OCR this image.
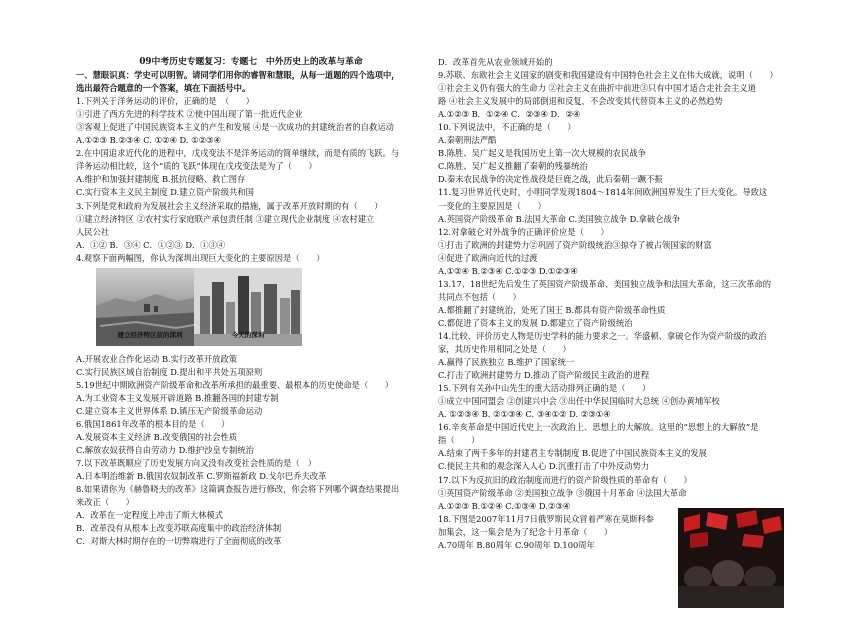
09中考历史专题复习：专题七　中外历史上的改革与革命
一、慧眼识真：学史可以明智。请同学们用你的睿智和慧眼，从每一道题的四个选项中，
选出最符合题意的一个答案，填在下面括号中。
1.下列关于洋务运动的评价，正确的是　（　　）
①引进了西方先进的科学技术 ②使中国出现了第一批近代企业
③客观上促进了中国民族资本主义的产生和发展 ④是一次成功的封建统治者的自救运动
A.①②③ B.②③④ C. ①②④ D. ①②③④
2.在中国追求近代化的进程中，戊戌变法不是洋务运动的简单继续，而是有质的飞跃。与
洋务运动相比较，这个“质的飞跃”体现在戊戌变法是为了（　　）
A.维护和加强封建制度 B.抵抗侵略、救亡图存
C.实行资本主义民主制度 D.建立资产阶级共和国
3.下列是党和政府为发展社会主义经济采取的措施，属于改革开放时期的有（　　）
①建立经济特区 ②农村实行家庭联产承包责任制 ③建立现代企业制度 ④农村建立
人民公社
A．①② B．③④ C．①②③ D．①③④
4.观察下面两幅图，你认为深圳出现巨大变化的主要原因是（　　）
建立经济特区前的深圳	今天的深圳
A.开展农业合作化运动 B.实行改革开放政策
C.实行民族区域自治制度 D.提出和平共处五项原则
5.19世纪中期欧洲资产阶级革命和改革所承担的最重要、最根本的历史使命是（　　）
A.为工业资本主义发展开辟道路 B.推翻各国的封建专制
C.建立资本主义世界体系 D.镇压无产阶级革命运动
6.俄国1861年改革的根本目的是（　　）
A.发展资本主义经济 B.改变俄国的社会性质
C.解放农奴获得自由劳动力 D.维护沙皇专制统治
7.以下改革既顺应了历史发展方向又没有改变社会性质的是（　）
A.日本明治维新 B.俄国农奴制改革 C.罗斯福新政 D.戈尔巴乔夫改革
8.如果请你为《赫鲁晓夫的改革》这篇调查报告进行修改，你会将下列哪个调查结果提出
来改正（　　）
A．改革在一定程度上冲击了斯大林模式
B．改革没有从根本上改变苏联高度集中的政治经济体制
C．对斯大林时期存在的一切弊端进行了全面彻底的改革
D．改革首先从农业领域开始的
9.苏联、东欧社会主义国家的剧变和我国建设有中国特色社会主义在伟大成就，说明（　　）
①社会主义仍有强大的生命力 ②社会主义在曲折中前进③只有中国才适合走社会主义道
路 ④社会主义发展中的局部倒退和反复，不会改变其代替资本主义的必然趋势
A.①②③ B．①②④ C．②③④ D．②④
10.下列说法中，不正确的是（　　）
A.秦朝刑法严酷
B.陈胜、吴广起义是我国历史上第一次大规模的农民战争
C.陈胜、吴广起义推翻了秦朝的残暴统治
D.秦末农民战争的决定性战役是巨鹿之战，此后秦朝一蹶不振
11.复习世界近代史时，小明同学发现1804～1814年间欧洲国界发生了巨大变化。导致这
一变化的主要原因是（　　）
A.英国资产阶级革命 B.法国大革命 C.美国独立战争 D.拿破仑战争
12.对拿破仑对外战争的正确评价应是（　　）
①打击了欧洲的封建势力②巩固了资产阶级统治③掠夺了被占领国家的财富
④促进了欧洲向近代的过渡
A.①②④ B.②③④ C.①②③ D.①②③④
13.17、18世纪先后发生了英国资产阶级革命、美国独立战争和法国大革命，这三次革命的
共同点不包括（　　）
A.都推翻了封建统治，处死了国王 B.都具有资产阶级革命性质
C.都促进了资本主义的发展 D.都建立了资产阶级统治
14.比较、评价历史人物是历史学科的能力要求之一。华盛顿、拿破仑作为资产阶级的政治
家，其历史作用相同之处是（　　）
A.赢得了民族独立 B.维护了国家统一
C.打击了欧洲封建势力 D.推动了资产阶级民主政治的进程
15.下列有关孙中山先生的重大活动排列正确的是（　　）
①成立中国同盟会 ②创建兴中会 ③出任中华民国临时大总统 ④创办黄埔军校
A. ①②③④ B. ②①③④ C. ③④①② D. ②③①④
16.辛亥革命是中国近代史上一次政治上、思想上的大解放。这里的“思想上的大解放”是
指（　　）
A.结束了两千多年的封建君主专制制度 B.促进了中国民族资本主义的发展
C.使民主共和的观念深入人心 D.沉重打击了中外反动势力
17.以下为反抗旧的政治制度而进行的资产阶级性质的革命有（　　）
①英国资产阶级革命 ②美国独立战争 ③俄国十月革命 ④法国大革命
A.①②③ B.①②④ C.①③④ D.②③④
18.下图是2007年11月7日俄罗斯民众冒着严寒在莫斯科参
加集会，这一集会是为了纪念十月革命（　　）
A.70周年 B.80周年 C.90周年 D.100周年
